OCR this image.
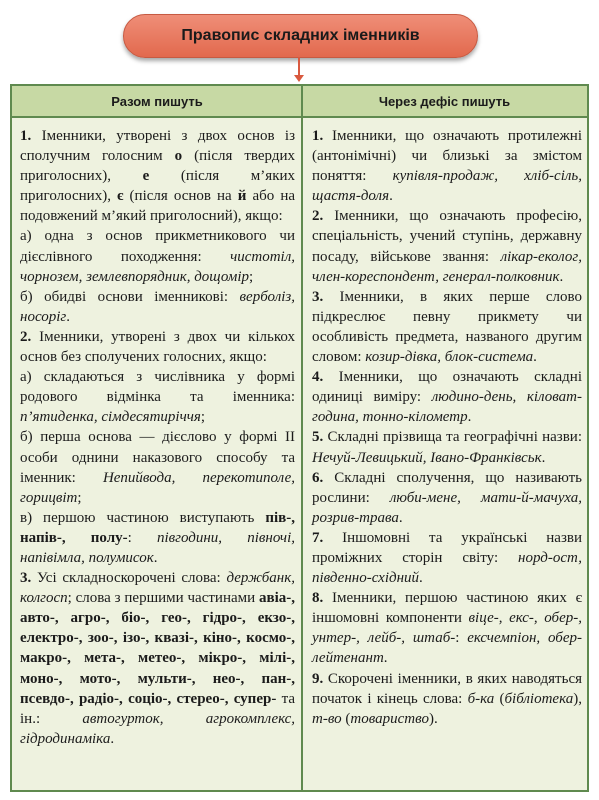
Правопис складних іменників
Разом пишуть	Через дефіс пишуть
1. Іменники, утворені з двох основ із сполучним голосним о (після твердих приголосних), е (після м’яких приголосних), є (після основ на й або на подовжений м’який приголосний), якщо:
а) одна з основ прикметникового чи дієслівного походження: чистотіл, чорнозем, землевпорядник, дощомір;
б) обидві основи іменникові: верболіз, носоріг.
2. Іменники, утворені з двох чи кількох основ без сполучених голосних, якщо:
а) складаються з числівника у формі родового відмінка та іменника: п’ятиденка, сімдесятиріччя;
б) перша основа — дієслово у формі ІІ особи однини наказового способу та іменник: Непийвода, перекотиполе, горицвіт;
в) першою частиною виступають пів-, напів-, полу-: півгодини, півночі, напівімла, полумисок.
3. Усі складноскорочені слова: держбанк, колгосп; слова з першими частинами авіа-, авто-, агро-, біо-, гео-, гідро-, екзо-, електро-, зоо-, ізо-, квазі-, кіно-, космо-, макро-, мета-, метео-, мікро-, мілі-, моно-, мото-, мульти-, нео-, пан-, псевдо-, радіо-, соціо-, стерео-, супер- та ін.: автогурток, агрокомплекс, гідродинаміка.
1. Іменники, що означають протилежні (антонімічні) чи близькі за змістом поняття: купівля-продаж, хліб-сіль, щастя-доля.
2. Іменники, що означають професію, спеціальність, учений ступінь, державну посаду, військове звання: лікар-еколог, член-кореспондент, генерал-полковник.
3. Іменники, в яких перше слово підкреслює певну прикмету чи особливість предмета, названого другим словом: козир-дівка, блок-система.
4. Іменники, що означають складні одиниці виміру: людино-день, кіловат-година, тонно-кілометр.
5. Складні прізвища та географічні назви: Нечуй-Левицький, Івано-Франківськ.
6. Складні сполучення, що називають рослини: люби-мене, мати-й-мачуха, розрив-трава.
7. Іншомовні та українські назви проміжних сторін світу: норд-ост, південно-східний.
8. Іменники, першою частиною яких є іншомовні компоненти віце-, екс-, обер-, унтер-, лейб-, штаб-: ексчемпіон, обер-лейтенант.
9. Скорочені іменники, в яких наводяться початок і кінець слова: б-ка (бібліотека), т-во (товариство).
